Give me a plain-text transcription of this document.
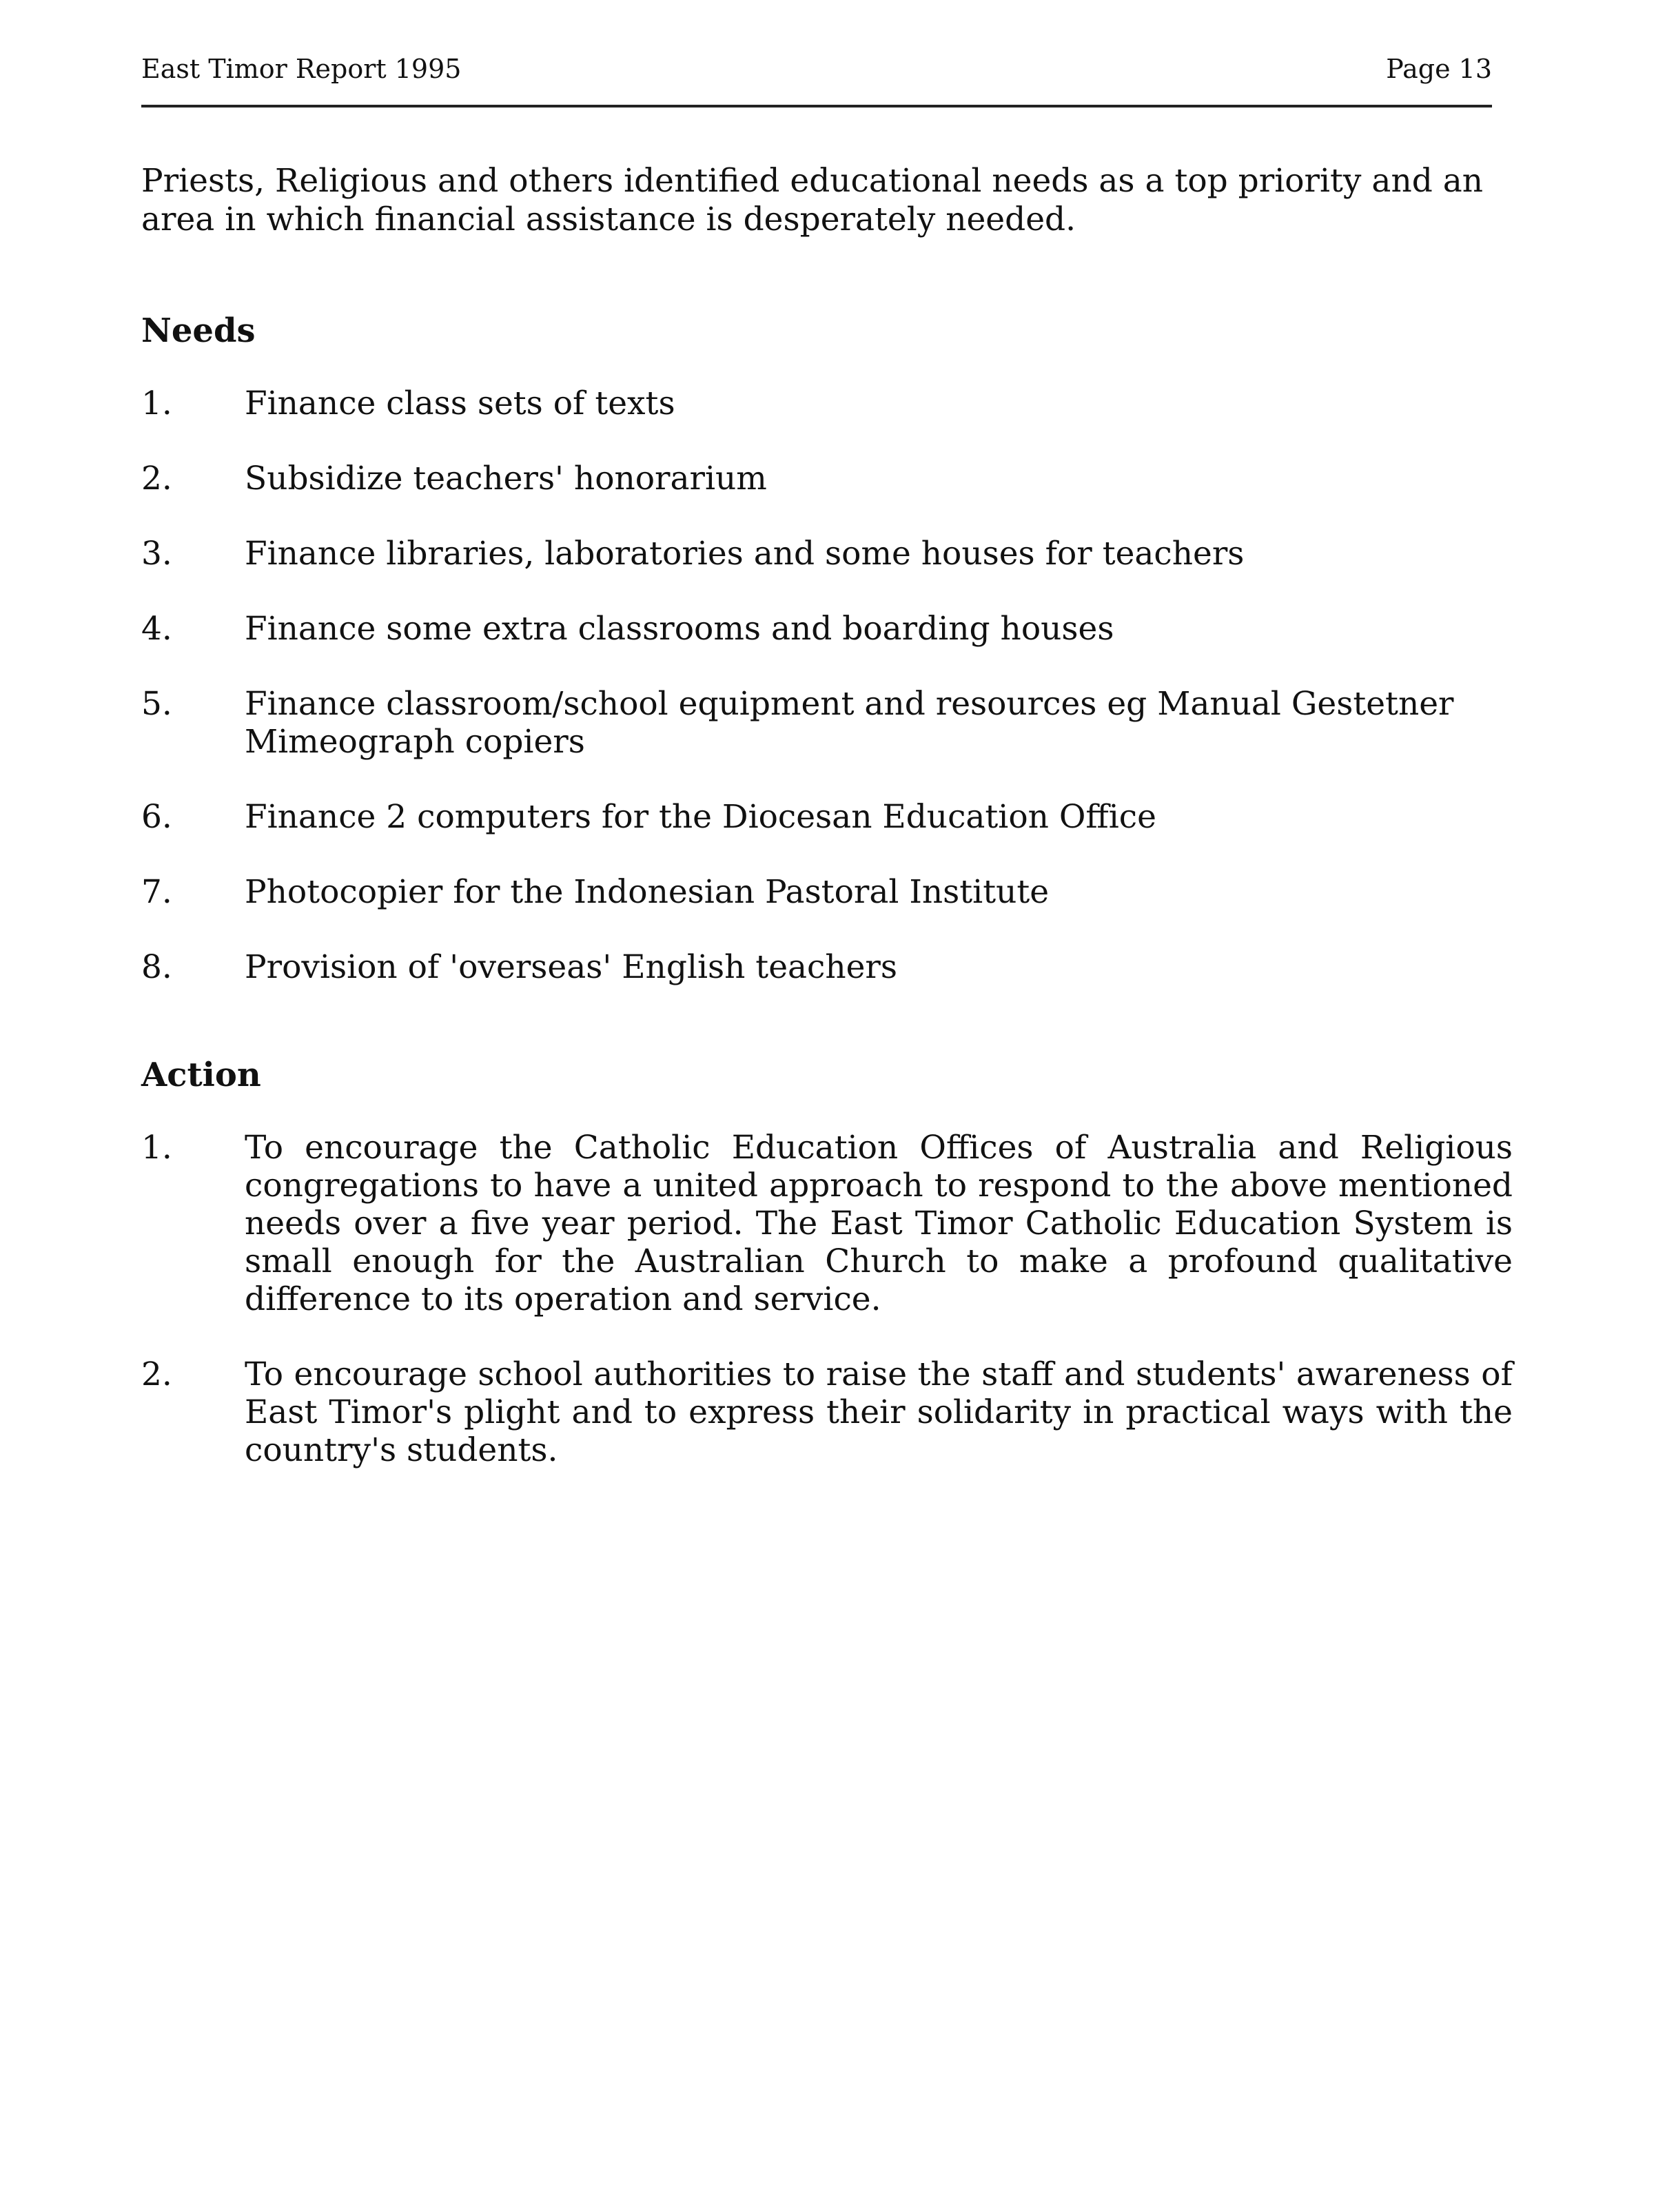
East Timor Report 1995	Page 13

Priests, Religious and others identified educational needs as a top priority and an area in which financial assistance is desperately needed.

Needs
1. Finance class sets of texts
2. Subsidize teachers' honorarium
3. Finance libraries, laboratories and some houses for teachers
4. Finance some extra classrooms and boarding houses
5. Finance classroom/school equipment and resources eg Manual Gestetner Mimeograph copiers
6. Finance 2 computers for the Diocesan Education Office
7. Photocopier for the Indonesian Pastoral Institute
8. Provision of 'overseas' English teachers
Action
1. To encourage the Catholic Education Offices of Australia and Religious congregations to have a united approach to respond to the above mentioned needs over a five year period. The East Timor Catholic Education System is small enough for the Australian Church to make a profound qualitative difference to its operation and service.
2. To encourage school authorities to raise the staff and students' awareness of East Timor's plight and to express their solidarity in practical ways with the country's students.
